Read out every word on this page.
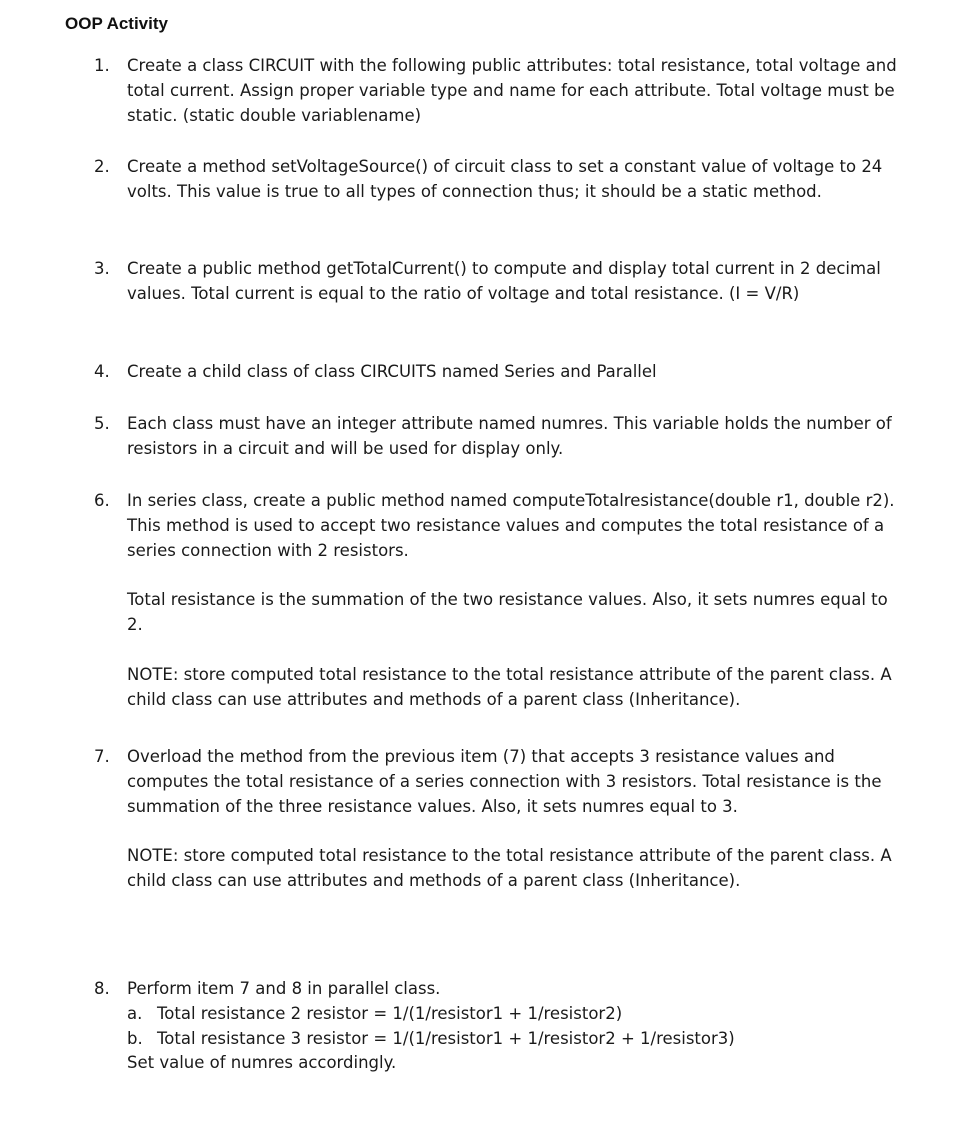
OOP Activity
1.	Create a class CIRCUIT with the following public attributes: total resistance, total voltage and total current. Assign proper variable type and name for each attribute. Total voltage must be static. (static double variablename)

2.	Create a method setVoltageSource() of circuit class to set a constant value of voltage to 24 volts. This value is true to all types of connection thus; it should be a static method.

3.	Create a public method getTotalCurrent() to compute and display total current in 2 decimal values. Total current is equal to the ratio of voltage and total resistance. (I = V/R)

4.	Create a child class of class CIRCUITS named Series and Parallel

5.	Each class must have an integer attribute named numres. This variable holds the number of resistors in a circuit and will be used for display only.

6.	In series class, create a public method named computeTotalresistance(double r1, double r2). This method is used to accept two resistance values and computes the total resistance of a series connection with 2 resistors.

Total resistance is the summation of the two resistance values. Also, it sets numres equal to 2.

NOTE: store computed total resistance to the total resistance attribute of the parent class. A child class can use attributes and methods of a parent class (Inheritance).

7.	Overload the method from the previous item (7) that accepts 3 resistance values and computes the total resistance of a series connection with 3 resistors. Total resistance is the summation of the three resistance values. Also, it sets numres equal to 3.

NOTE: store computed total resistance to the total resistance attribute of the parent class. A child class can use attributes and methods of a parent class (Inheritance).

8.	Perform item 7 and 8 in parallel class.

a. Total resistance 2 resistor = 1/(1/resistor1 + 1/resistor2)
b. Total resistance 3 resistor = 1/(1/resistor1 + 1/resistor2 + 1/resistor3)

Set value of numres accordingly.
